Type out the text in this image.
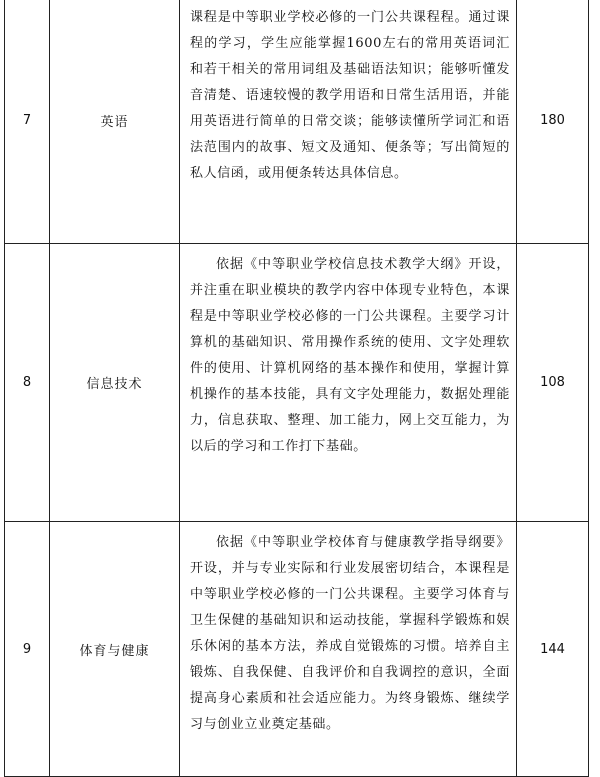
7	英语	课程是中等职业学校必修的一门公共课程程。通过课程的学习，学生应能掌握1600左右的常用英语词汇和若干相关的常用词组及基础语法知识；能够听懂发音清楚、语速较慢的教学用语和日常生活用语，并能用英语进行简单的日常交谈；能够读懂所学词汇和语法范围内的故事、短文及通知、便条等；写出简短的私人信函，或用便条转达具体信息。	180
8	信息技术	依据《中等职业学校信息技术教学大纲》开设，并注重在职业模块的教学内容中体现专业特色，本课程是中等职业学校必修的一门公共课程。主要学习计算机的基础知识、常用操作系统的使用、文字处理软件的使用、计算机网络的基本操作和使用，掌握计算机操作的基本技能，具有文字处理能力，数据处理能力，信息获取、整理、加工能力，网上交互能力，为以后的学习和工作打下基础。	108
9	体育与健康	依据《中等职业学校体育与健康教学指导纲要》开设，并与专业实际和行业发展密切结合，本课程是中等职业学校必修的一门公共课程。主要学习体育与卫生保健的基础知识和运动技能，掌握科学锻炼和娱乐休闲的基本方法，养成自觉锻炼的习惯。培养自主锻炼、自我保健、自我评价和自我调控的意识，全面提高身心素质和社会适应能力。为终身锻炼、继续学习与创业立业奠定基础。	144
